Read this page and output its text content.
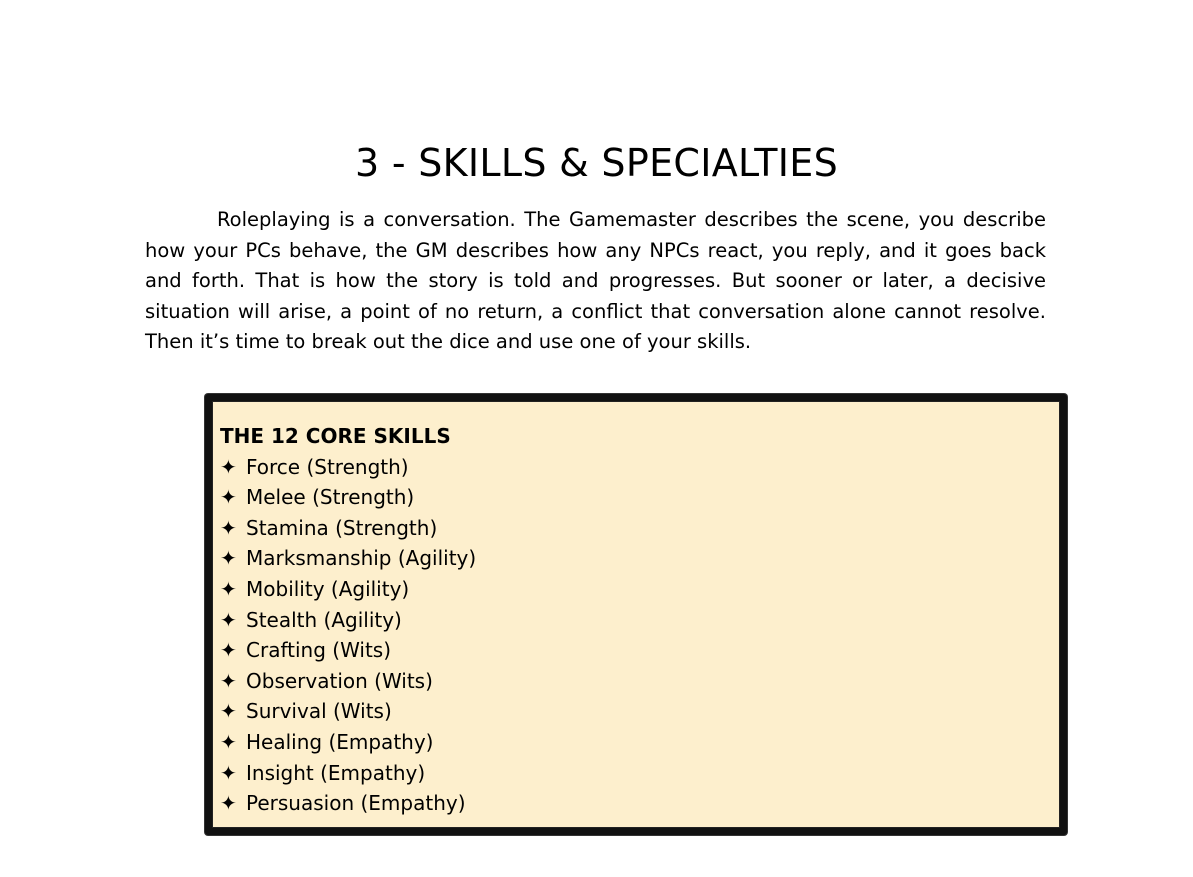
3 - SKILLS & SPECIALTIES

Roleplaying is a conversation. The Gamemaster describes the scene, you describe how your PCs behave, the GM describes how any NPCs react, you reply, and it goes back and forth. That is how the story is told and progresses. But sooner or later, a decisive situation will arise, a point of no return, a conflict that conversation alone cannot resolve. Then it’s time to break out the dice and use one of your skills.

THE 12 CORE SKILLS
✦ Force (Strength)
✦ Melee (Strength)
✦ Stamina (Strength)
✦ Marksmanship (Agility)
✦ Mobility (Agility)
✦ Stealth (Agility)
✦ Crafting (Wits)
✦ Observation (Wits)
✦ Survival (Wits)
✦ Healing (Empathy)
✦ Insight (Empathy)
✦ Persuasion (Empathy)
